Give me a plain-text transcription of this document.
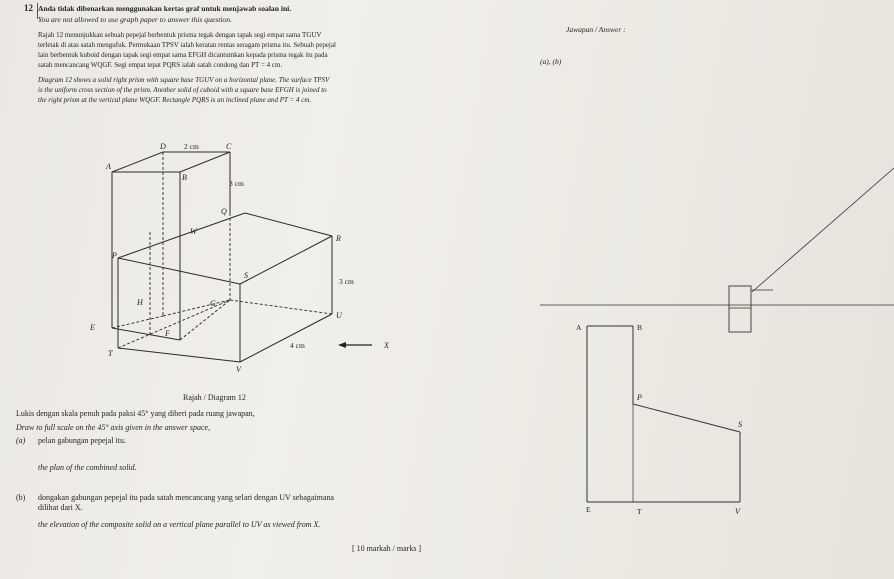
12 Anda tidak dibenarkan menggunakan kertas graf untuk menjawab soalan ini.
You are not allowed to use graph paper to answer this question.
Rajah 12 menunjukkan sebuah pepejal berbentuk prisma tegak dengan tapak segi empat sama TGUV
terletak di atas satah mengufuk. Permukaan TPSV ialah keratan rentas seragam prisma itu. Sebuah pepejal
lain berbentuk kuboid dengan tapak segi empat sama EFGH dicantumkan kepada prisma tegak itu pada
satah mencancang WQGF. Segi empat tepat PQRS ialah satah condong dan PT = 4 cm.
Diagram 12 shows a solid right prism with square base TGUV on a horizontal plane. The surface TPSV
is the uniform cross section of the prism. Another solid of cuboid with a square base EFGH is joined to
the right prism at the vertical plane WQGF. Rectangle PQRS is an inclined plane and PT = 4 cm.
Jawapan / Answer :
(a), (b)
D 2 cm	C
A
B
3 cm
Q
W
R
P
S
3 cm
H	G
U
E
F
4 cm	X
T
V
A	B
P
S
E	T	V
Rajah / Diagram 12
Lukis dengan skala penuh pada paksi 45° yang diberi pada ruang jawapan,
Draw to full scale on the 45° axis given in the answer space,
(a) pelan gabungan pepejal itu.
the plan of the combined solid.
(b) dongakan gabungan pepejal itu pada satah mencancang yang selari dengan UV sebagaimana
dilihat dari X.
the elevation of the composite solid on a vertical plane parallel to UV as viewed from X.
[ 10 markah / marks ]
